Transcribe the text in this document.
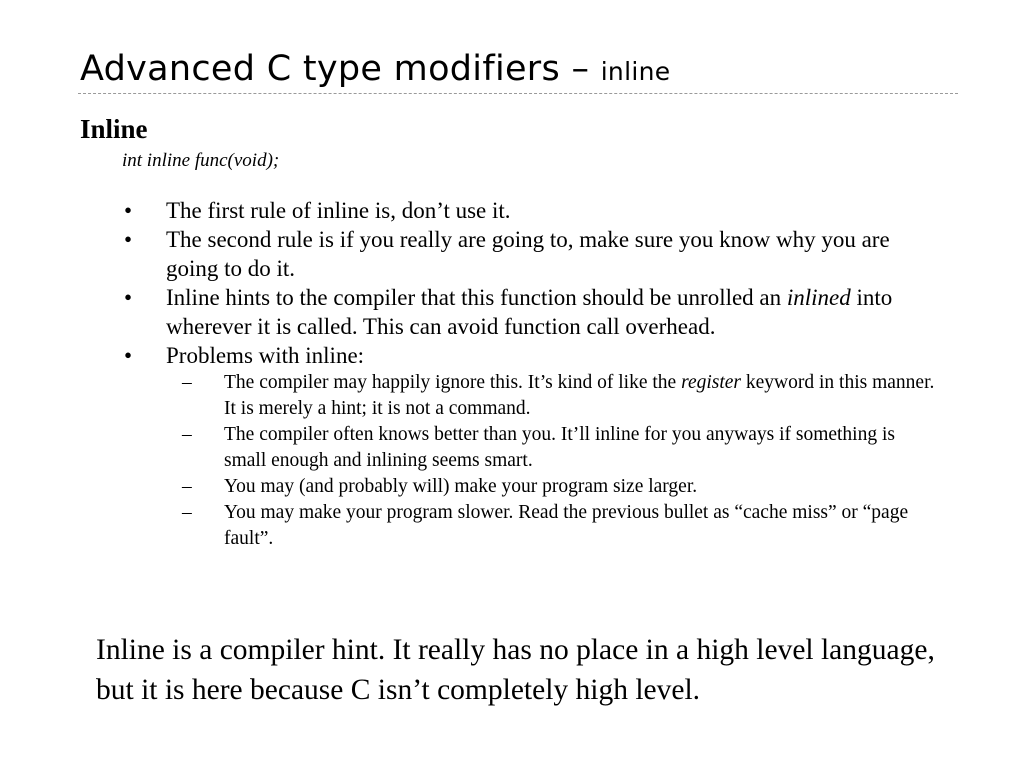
Advanced C type modifiers – inline
Inline
int inline func(void);
• The first rule of inline is, don’t use it.
• The second rule is if you really are going to, make sure you know why you are going to do it.
• Inline hints to the compiler that this function should be unrolled an inlined into wherever it is called. This can avoid function call overhead.
• Problems with inline:
– The compiler may happily ignore this. It’s kind of like the register keyword in this manner. It is merely a hint; it is not a command.
– The compiler often knows better than you. It’ll inline for you anyways if something is small enough and inlining seems smart.
– You may (and probably will) make your program size larger.
– You may make your program slower. Read the previous bullet as “cache miss” or “page fault”.
Inline is a compiler hint. It really has no place in a high level language, but it is here because C isn’t completely high level.
